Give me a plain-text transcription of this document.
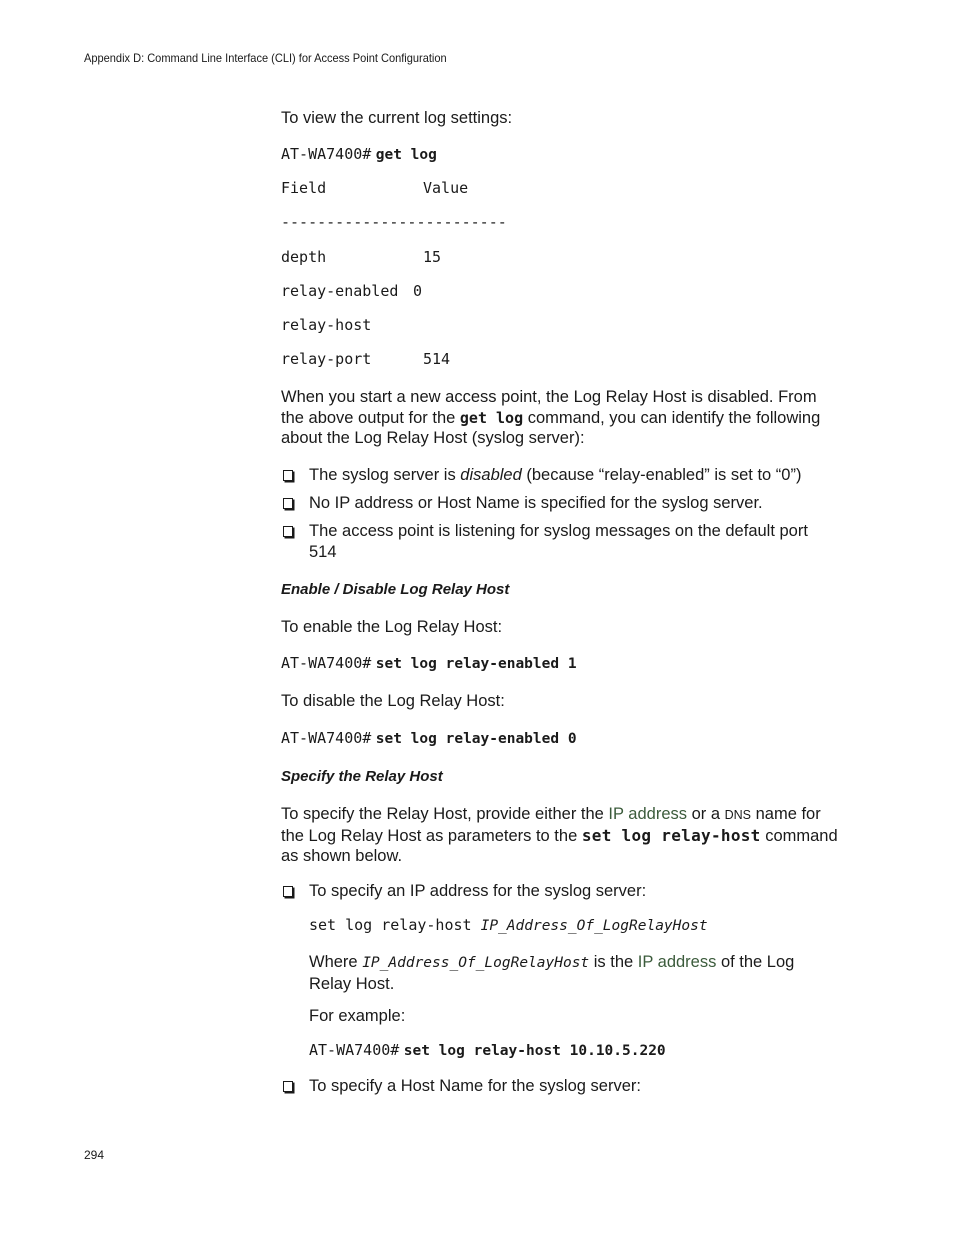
Appendix D: Command Line Interface (CLI) for Access Point Configuration
To view the current log settings:
AT-WA7400# get log
Field	Value
-------------------------
depth	15
relay-enabled 0
relay-host
relay-port	514
When you start a new access point, the Log Relay Host is disabled. From the above output for the get log command, you can identify the following about the Log Relay Host (syslog server):
The syslog server is disabled (because “relay-enabled” is set to “0”)
No IP address or Host Name is specified for the syslog server.
The access point is listening for syslog messages on the default port 514
Enable / Disable Log Relay Host
To enable the Log Relay Host:
AT-WA7400# set log relay-enabled 1
To disable the Log Relay Host:
AT-WA7400# set log relay-enabled 0
Specify the Relay Host
To specify the Relay Host, provide either the IP address or a DNS name for the Log Relay Host as parameters to the set log relay-host command as shown below.
To specify an IP address for the syslog server:
set log relay-host IP_Address_Of_LogRelayHost
Where IP_Address_Of_LogRelayHost is the IP address of the Log Relay Host.
For example:
AT-WA7400# set log relay-host 10.10.5.220
To specify a Host Name for the syslog server:
294
